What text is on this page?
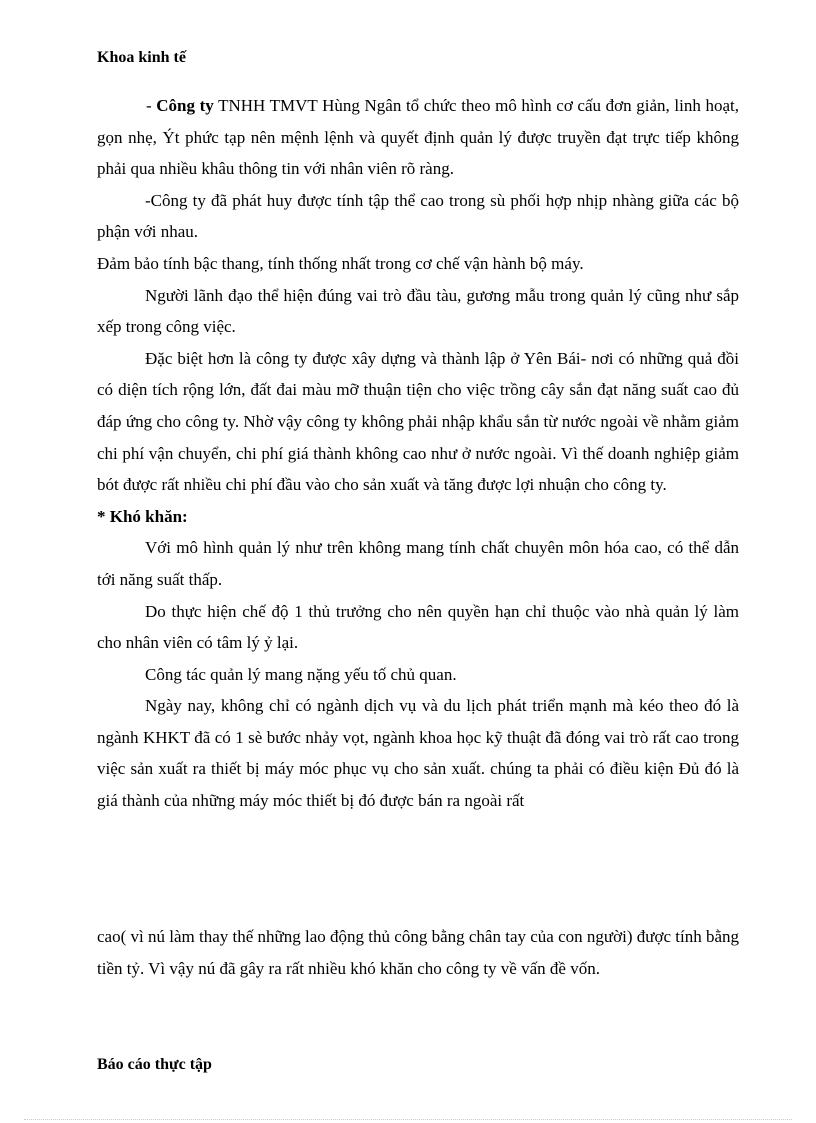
Khoa kinh tế

- Công ty TNHH TMVT Hùng Ngân tổ chức theo mô hình cơ cấu đơn giản, linh hoạt, gọn nhẹ, Ýt phức tạp nên mệnh lệnh và quyết định quản lý được truyền đạt trực tiếp không phải qua nhiều khâu thông tin với nhân viên rõ ràng.

-Công ty đã phát huy được tính tập thể cao trong sù phối hợp nhịp nhàng giữa các bộ phận với nhau.

Đảm bảo tính bậc thang, tính thống nhất trong cơ chế vận hành bộ máy.

Người lãnh đạo thể hiện đúng vai trò đầu tàu, gương mẫu trong quản lý cũng như sắp xếp trong công việc.

Đặc biệt hơn là công ty được xây dựng và thành lập ở Yên Bái- nơi có những quả đồi có diện tích rộng lớn, đất đai màu mỡ thuận tiện cho việc trồng cây sắn đạt năng suất cao đủ đáp ứng cho công ty. Nhờ vậy công ty không phải nhập khẩu sắn từ nước ngoài về nhằm giảm chi phí vận chuyển, chi phí giá thành không cao như ở nước ngoài. Vì thế doanh nghiệp giảm bót được rất nhiều chi phí đầu vào cho sản xuất và tăng được lợi nhuận cho công ty.

* Khó khăn:

Với mô hình quản lý như trên không mang tính chất chuyên môn hóa cao, có thể dẫn tới năng suất thấp.

Do thực hiện chế độ 1 thủ trưởng cho nên quyền hạn chỉ thuộc vào nhà quản lý làm cho nhân viên có tâm lý ỷ lại.

Công tác quản lý mang nặng yếu tố chủ quan.

Ngày nay, không chỉ có ngành dịch vụ và du lịch phát triển mạnh mà kéo theo đó là ngành KHKT đã có 1 sè bước nhảy vọt, ngành khoa học kỹ thuật đã đóng vai trò rất cao trong việc sản xuất ra thiết bị máy móc phục vụ cho sản xuất. chúng ta phải có điều kiện Đủ đó là giá thành của những máy móc thiết bị đó được bán ra ngoài rất

cao( vì nú làm thay thế những lao động thủ công bằng chân tay của con người) được tính bằng tiền tỷ. Vì vậy nú đã gây ra rất nhiều khó khăn cho công ty về vấn đề vốn.

Báo cáo thực tập
